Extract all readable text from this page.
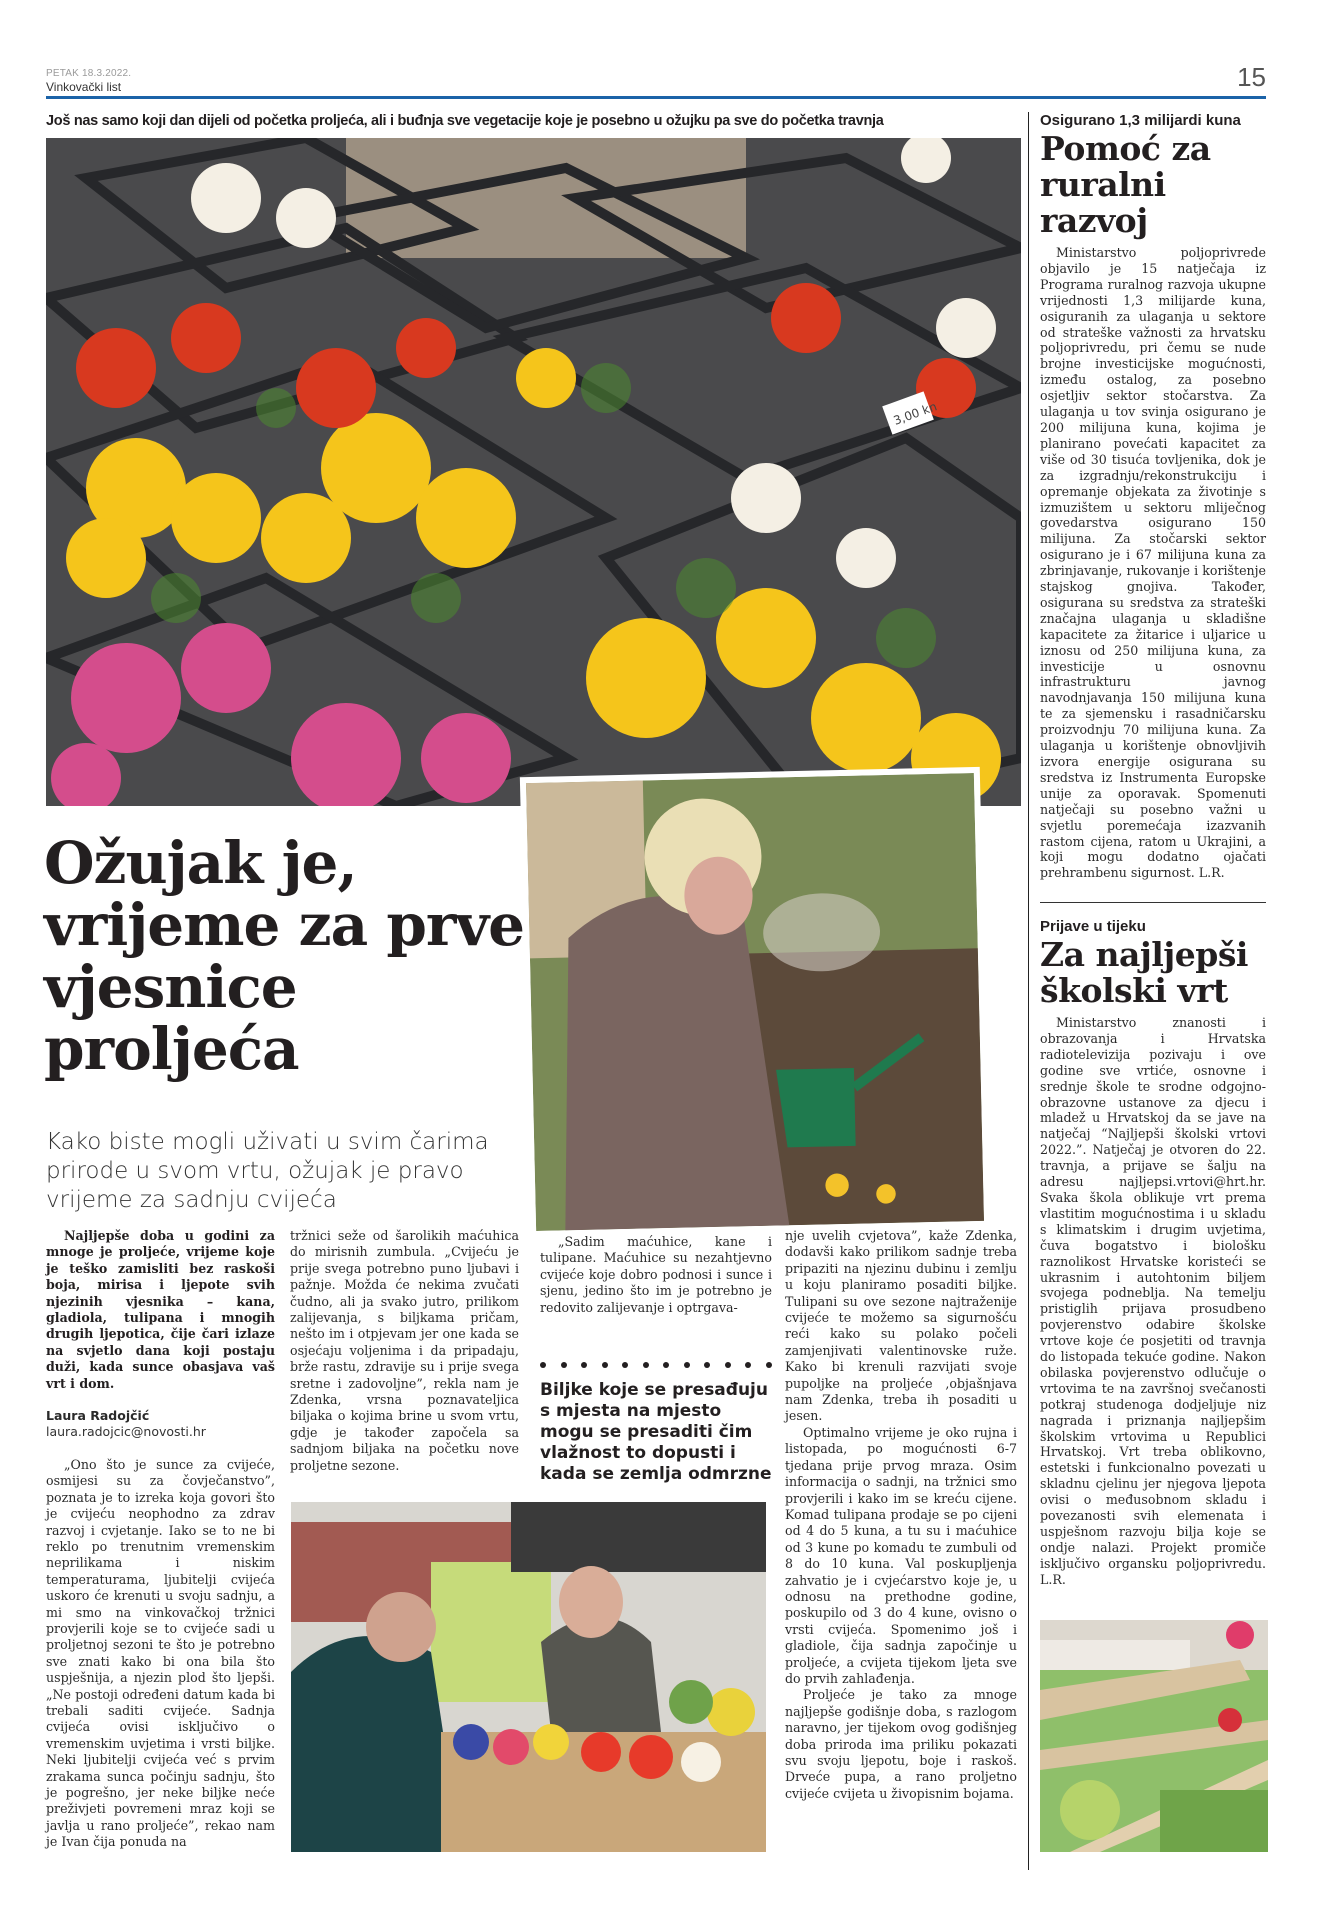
PETAK 18.3.2022.
Vinkovački list	15
Još nas samo koji dan dijeli od početka proljeća, ali i buđnja sve vegetacije koje je posebno u ožujku pa sve do početka travnja
3,00 kn
Ožujak je, vrijeme za prve vjesnice proljeća
Kako biste mogli uživati u svim čarima prirode u svom vrtu, ožujak je pravo vrijeme za sadnju cvijeća

Najljepše doba u godini za mnoge je proljeće, vrijeme koje je teško zamisliti bez raskoši boja, mirisa i ljepote svih njezinih vjesnika – kana, gladiola, tulipana i mnogih drugih ljepotica, čije čari izlaze na svjetlo dana koji postaju duži, kada sunce obasjava vaš vrt i dom.

Laura Radojčić
laura.radojcic@novosti.hr

„Ono što je sunce za cvijeće, osmijesi su za čovječanstvo”, poznata je to izreka koja govori što je cvijeću neophodno za zdrav razvoj i cvjetanje. Iako se to ne bi reklo po trenutnim vremenskim neprilikama i niskim temperaturama, ljubitelji cvijeća uskoro će krenuti u svoju sadnju, a mi smo na vinkovačkoj tržnici provjerili koje se to cvijeće sadi u proljetnoj sezoni te što je potrebno sve znati kako bi ona bila što uspješnija, a njezin plod što ljepši. „Ne postoji određeni datum kada bi trebali saditi cvijeće. Sadnja cvijeća ovisi isključivo o vremenskim uvjetima i vrsti biljke. Neki ljubitelji cvijeća već s prvim zrakama sunca počinju sadnju, što je pogrešno, jer neke biljke neće preživjeti povremeni mraz koji se javlja u rano proljeće”, rekao nam je Ivan čija ponuda na

tržnici seže od šarolikih maćuhica do mirisnih zumbula. „Cvijeću je prije svega potrebno puno ljubavi i pažnje. Možda će nekima zvučati čudno, ali ja svako jutro, prilikom zalijevanja, s biljkama pričam, nešto im i otpjevam jer one kada se osjećaju voljenima i da pripadaju, brže rastu, zdravije su i prije svega sretne i zadovoljne”, rekla nam je Zdenka, vrsna poznavateljica biljaka o kojima brine u svom vrtu, gdje je također započela sa sadnjom biljaka na početku nove proljetne sezone.

„Sadim maćuhice, kane i tulipane. Maćuhice su nezahtjevno cvijeće koje dobro podnosi i sunce i sjenu, jedino što im je potrebno je redovito zalijevanje i optrgava-

Biljke koje se presađuju s mjesta na mjesto mogu se presaditi čim vlažnost to dopusti i kada se zemlja odmrzne

nje uvelih cvjetova”, kaže Zdenka, dodavši kako prilikom sadnje treba pripaziti na njezinu dubinu i zemlju u koju planiramo posaditi biljke. Tulipani su ove sezone najtraženije cvijeće te možemo sa sigurnošću reći kako su polako počeli zamjenjivati valentinovske ruže. Kako bi krenuli razvijati svoje pupoljke na proljeće ,objašnjava nam Zdenka, treba ih posaditi u jesen.

Optimalno vrijeme je oko rujna i listopada, po mogućnosti 6-7 tjedana prije prvog mraza. Osim informacija o sadnji, na tržnici smo provjerili i kako im se kreću cijene. Komad tulipana prodaje se po cijeni od 4 do 5 kuna, a tu su i maćuhice od 3 kune po komadu te zumbuli od 8 do 10 kuna. Val poskupljenja zahvatio je i cvjećarstvo koje je, u odnosu na prethodne godine, poskupilo od 3 do 4 kune, ovisno o vrsti cvijeća. Spomenimo još i gladiole, čija sadnja započinje u proljeće, a cvijeta tijekom ljeta sve do prvih zahlađenja.

Proljeće je tako za mnoge najljepše godišnje doba, s razlogom naravno, jer tijekom ovog godišnjeg doba priroda ima priliku pokazati svu svoju ljepotu, boje i raskoš. Drveće pupa, a rano proljetno cvijeće cvijeta u živopisnim bojama.

Osigurano 1,3 milijardi kuna
Pomoć za ruralni razvoj

Ministarstvo poljoprivrede objavilo je 15 natječaja iz Programa ruralnog razvoja ukupne vrijednosti 1,3 milijarde kuna, osiguranih za ulaganja u sektore od strateške važnosti za hrvatsku poljoprivredu, pri čemu se nude brojne investicijske mogućnosti, između ostalog, za posebno osjetljiv sektor stočarstva. Za ulaganja u tov svinja osigurano je 200 milijuna kuna, kojima je planirano povećati kapacitet za više od 30 tisuća tovljenika, dok je za izgradnju/rekonstrukciju i opremanje objekata za životinje s izmuzištem u sektoru mliječnog govedarstva osigurano 150 milijuna. Za stočarski sektor osigurano je i 67 milijuna kuna za zbrinjavanje, rukovanje i korištenje stajskog gnojiva. Također, osigurana su sredstva za strateški značajna ulaganja u skladišne kapacitete za žitarice i uljarice u iznosu od 250 milijuna kuna, za investicije u osnovnu infrastrukturu javnog navodnjavanja 150 milijuna kuna te za sjemensku i rasadničarsku proizvodnju 70 milijuna kuna. Za ulaganja u korištenje obnovljivih izvora energije osigurana su sredstva iz Instrumenta Europske unije za oporavak. Spomenuti natječaji su posebno važni u svjetlu poremećaja izazvanih rastom cijena, ratom u Ukrajini, a koji mogu dodatno ojačati prehrambenu sigurnost. L.R.

Prijave u tijeku
Za najljepši školski vrt

Ministarstvo znanosti i obrazovanja i Hrvatska radiotelevizija pozivaju i ove godine sve vrtiće, osnovne i srednje škole te srodne odgojno-obrazovne ustanove za djecu i mladež u Hrvatskoj da se jave na natječaj “Najljepši školski vrtovi 2022.”. Natječaj je otvoren do 22. travnja, a prijave se šalju na adresu najljepsi.vrtovi@hrt.hr. Svaka škola oblikuje vrt prema vlastitim mogućnostima i u skladu s klimatskim i drugim uvjetima, čuva bogatstvo i biološku raznolikost Hrvatske koristeći se ukrasnim i autohtonim biljem svojega podneblja. Na temelju pristiglih prijava prosudbeno povjerenstvo odabire školske vrtove koje će posjetiti od travnja do listopada tekuće godine. Nakon obilaska povjerenstvo odlučuje o vrtovima te na završnoj svečanosti potkraj studenoga dodjeljuje niz nagrada i priznanja najljepšim školskim vrtovima u Republici Hrvatskoj. Vrt treba oblikovno, estetski i funkcionalno povezati u skladnu cjelinu jer njegova ljepota ovisi o međusobnom skladu i povezanosti svih elemenata i uspješnom razvoju bilja koje se ondje nalazi. Projekt promiče isključivo organsku poljoprivredu. L.R.
